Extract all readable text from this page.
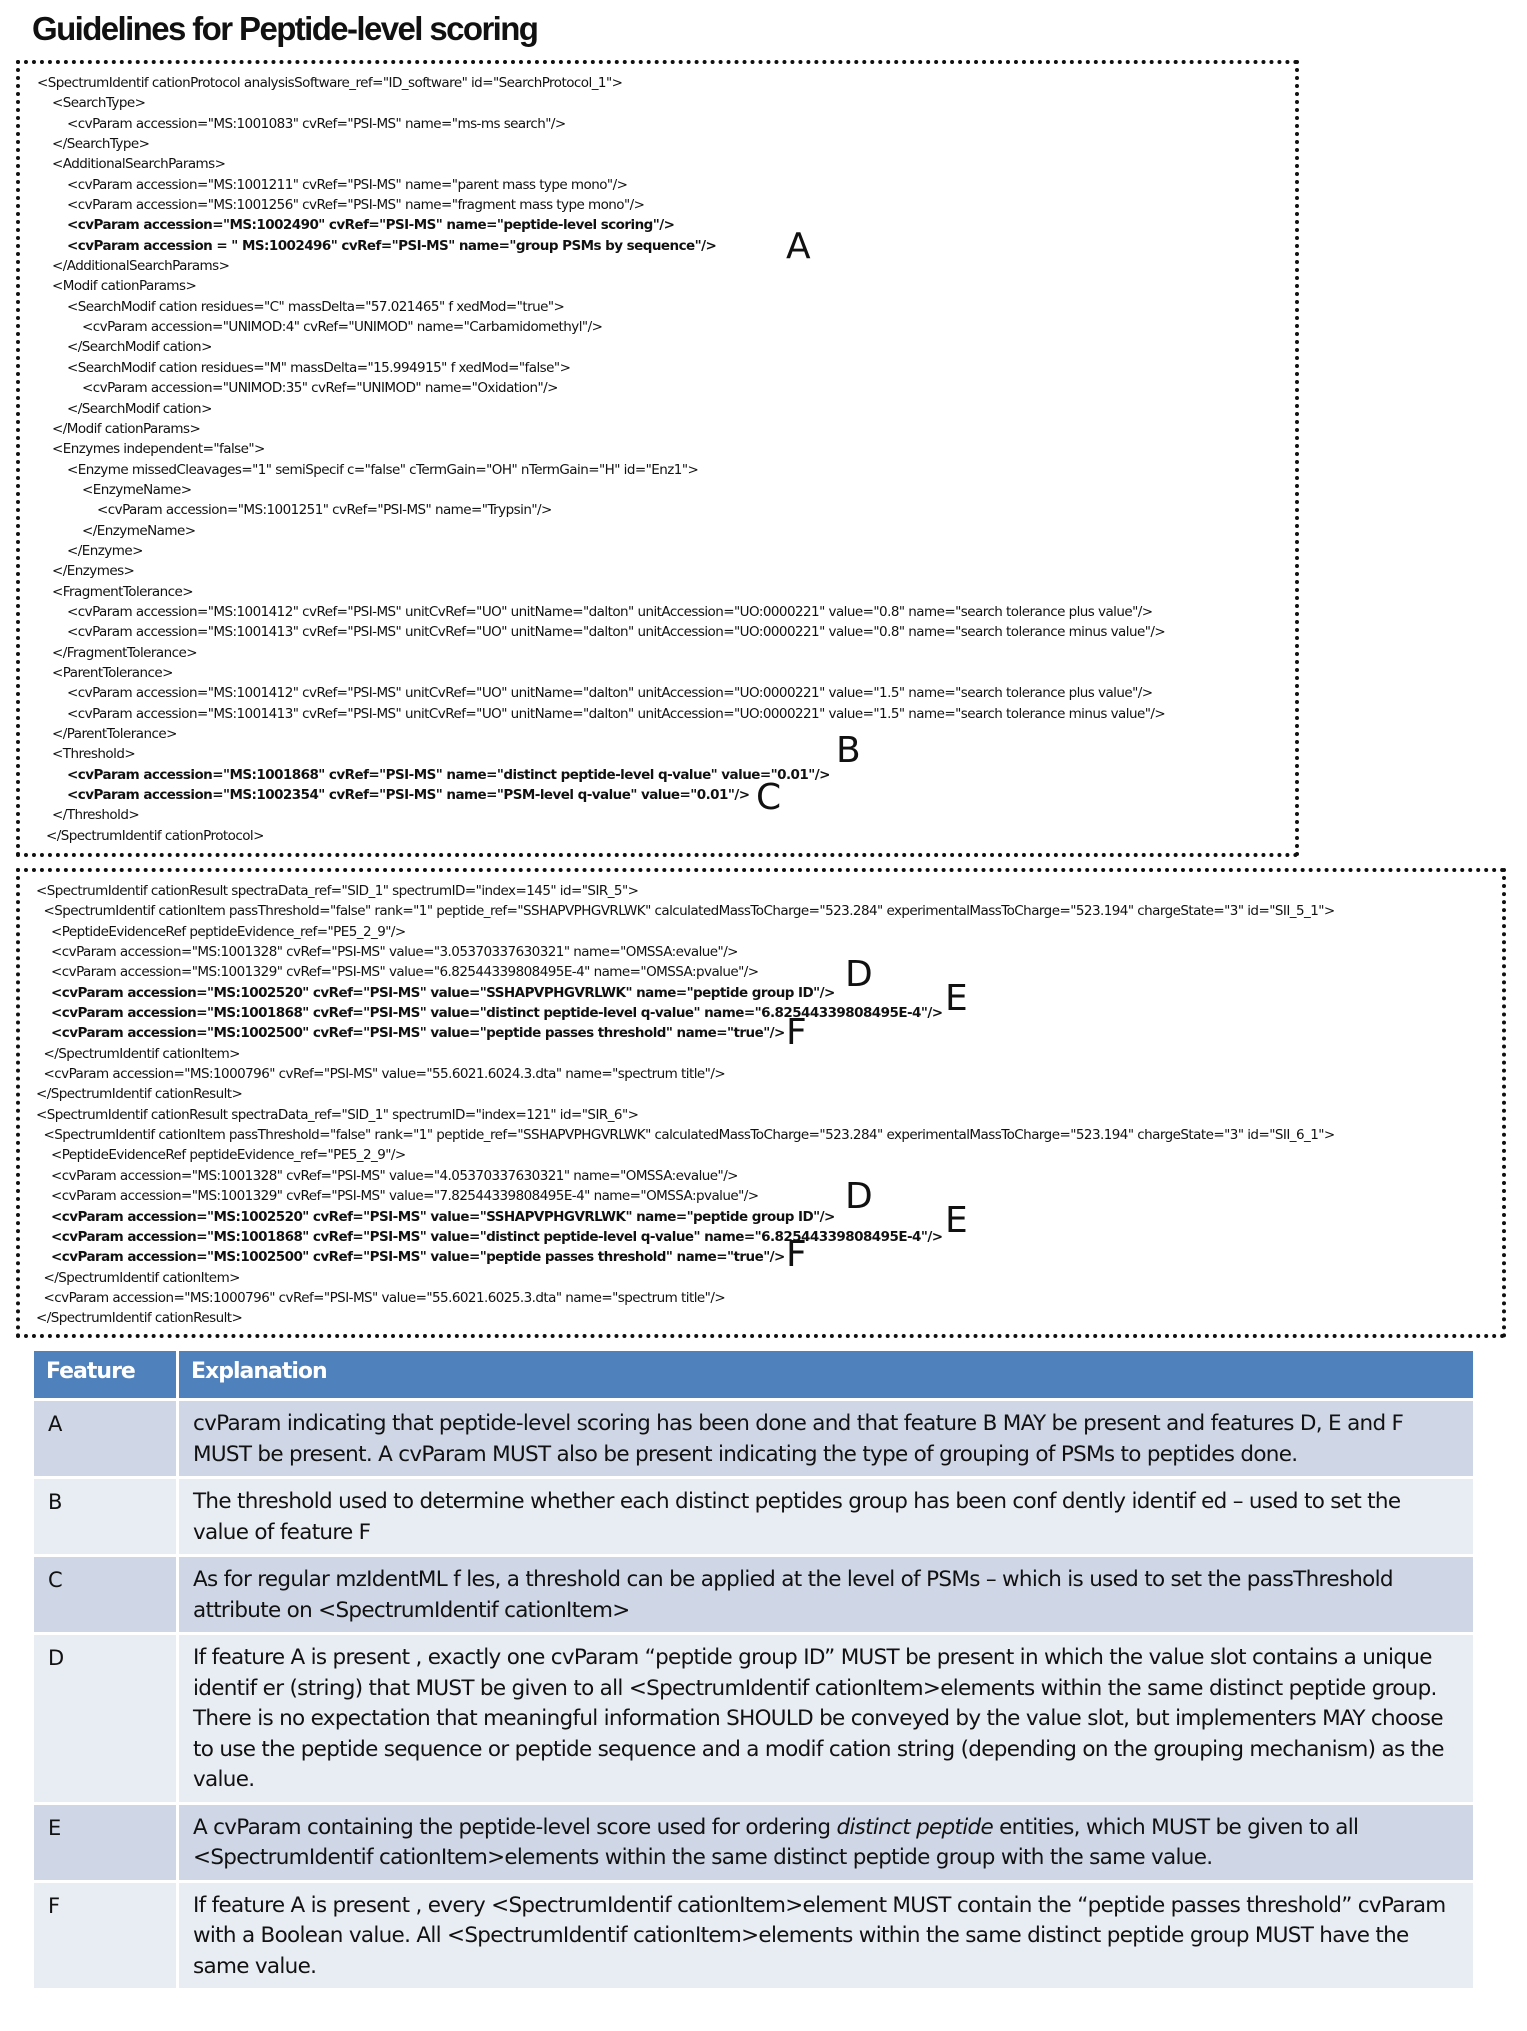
Guidelines for Peptide-level scoring
<SpectrumIdentif cationProtocol analysisSoftware_ref="ID_software" id="SearchProtocol_1">
<SearchType>
<cvParam accession="MS:1001083" cvRef="PSI-MS" name="ms-ms search"/>
</SearchType>
<AdditionalSearchParams>
<cvParam accession="MS:1001211" cvRef="PSI-MS" name="parent mass type mono"/>
<cvParam accession="MS:1001256" cvRef="PSI-MS" name="fragment mass type mono"/>
<cvParam accession="MS:1002490" cvRef="PSI-MS" name="peptide-level scoring"/>
<cvParam accession = " MS:1002496" cvRef="PSI-MS" name="group PSMs by sequence"/>
</AdditionalSearchParams>
<Modif cationParams>
<SearchModif cation residues="C" massDelta="57.021465" f xedMod="true">
<cvParam accession="UNIMOD:4" cvRef="UNIMOD" name="Carbamidomethyl"/>
</SearchModif cation>
<SearchModif cation residues="M" massDelta="15.994915" f xedMod="false">
<cvParam accession="UNIMOD:35" cvRef="UNIMOD" name="Oxidation"/>
</SearchModif cation>
</Modif cationParams>
<Enzymes independent="false">
<Enzyme missedCleavages="1" semiSpecif c="false" cTermGain="OH" nTermGain="H" id="Enz1">
<EnzymeName>
<cvParam accession="MS:1001251" cvRef="PSI-MS" name="Trypsin"/>
</EnzymeName>
</Enzyme>
</Enzymes>
<FragmentTolerance>
<cvParam accession="MS:1001412" cvRef="PSI-MS" unitCvRef="UO" unitName="dalton" unitAccession="UO:0000221" value="0.8" name="search tolerance plus value"/>
<cvParam accession="MS:1001413" cvRef="PSI-MS" unitCvRef="UO" unitName="dalton" unitAccession="UO:0000221" value="0.8" name="search tolerance minus value"/>
</FragmentTolerance>
<ParentTolerance>
<cvParam accession="MS:1001412" cvRef="PSI-MS" unitCvRef="UO" unitName="dalton" unitAccession="UO:0000221" value="1.5" name="search tolerance plus value"/>
<cvParam accession="MS:1001413" cvRef="PSI-MS" unitCvRef="UO" unitName="dalton" unitAccession="UO:0000221" value="1.5" name="search tolerance minus value"/>
</ParentTolerance>
<Threshold>
<cvParam accession="MS:1001868" cvRef="PSI-MS" name="distinct peptide-level q-value" value="0.01"/>
<cvParam accession="MS:1002354" cvRef="PSI-MS" name="PSM-level q-value" value="0.01"/>
</Threshold>
</SpectrumIdentif cationProtocol>
A
B
C
<SpectrumIdentif cationResult spectraData_ref="SID_1" spectrumID="index=145" id="SIR_5">
<SpectrumIdentif cationItem passThreshold="false" rank="1" peptide_ref="SSHAPVPHGVRLWK" calculatedMassToCharge="523.284" experimentalMassToCharge="523.194" chargeState="3" id="SII_5_1">
<PeptideEvidenceRef peptideEvidence_ref="PE5_2_9"/>
<cvParam accession="MS:1001328" cvRef="PSI-MS" value="3.05370337630321" name="OMSSA:evalue"/>
<cvParam accession="MS:1001329" cvRef="PSI-MS" value="6.82544339808495E-4" name="OMSSA:pvalue"/>
<cvParam accession="MS:1002520" cvRef="PSI-MS" value="SSHAPVPHGVRLWK" name="peptide group ID"/>
<cvParam accession="MS:1001868" cvRef="PSI-MS" value="distinct peptide-level q-value" name="6.82544339808495E-4"/>
<cvParam accession="MS:1002500" cvRef="PSI-MS" value="peptide passes threshold" name="true"/>
</SpectrumIdentif cationItem>
<cvParam accession="MS:1000796" cvRef="PSI-MS" value="55.6021.6024.3.dta" name="spectrum title"/>
</SpectrumIdentif cationResult>
<SpectrumIdentif cationResult spectraData_ref="SID_1" spectrumID="index=121" id="SIR_6">
<SpectrumIdentif cationItem passThreshold="false" rank="1" peptide_ref="SSHAPVPHGVRLWK" calculatedMassToCharge="523.284" experimentalMassToCharge="523.194" chargeState="3" id="SII_6_1">
<PeptideEvidenceRef peptideEvidence_ref="PE5_2_9"/>
<cvParam accession="MS:1001328" cvRef="PSI-MS" value="4.05370337630321" name="OMSSA:evalue"/>
<cvParam accession="MS:1001329" cvRef="PSI-MS" value="7.82544339808495E-4" name="OMSSA:pvalue"/>
<cvParam accession="MS:1002520" cvRef="PSI-MS" value="SSHAPVPHGVRLWK" name="peptide group ID"/>
<cvParam accession="MS:1001868" cvRef="PSI-MS" value="distinct peptide-level q-value" name="6.82544339808495E-4"/>
<cvParam accession="MS:1002500" cvRef="PSI-MS" value="peptide passes threshold" name="true"/>
</SpectrumIdentif cationItem>
<cvParam accession="MS:1000796" cvRef="PSI-MS" value="55.6021.6025.3.dta" name="spectrum title"/>
</SpectrumIdentif cationResult>
D
E
F
D
E
F
Feature	Explanation
A	cvParam indicating that peptide-level scoring has been done and that feature B MAY be present and features D, E and F MUST be present. A cvParam MUST also be present indicating the type of grouping of PSMs to peptides done.
B	The threshold used to determine whether each distinct peptides group has been conf dently identif ed – used to set the value of feature F
C	As for regular mzIdentML f les, a threshold can be applied at the level of PSMs – which is used to set the passThreshold attribute on <SpectrumIdentif cationItem>
D	If feature A is present , exactly one cvParam “peptide group ID” MUST be present in which the value slot contains a unique identif er (string) that MUST be given to all <SpectrumIdentif cationItem>elements within the same distinct peptide group. There is no expectation that meaningful information SHOULD be conveyed by the value slot, but implementers MAY choose to use the peptide sequence or peptide sequence and a modif cation string (depending on the grouping mechanism) as the value.
E	A cvParam containing the peptide-level score used for ordering distinct peptide entities, which MUST be given to all <SpectrumIdentif cationItem>elements within the same distinct peptide group with the same value.
F	If feature A is present , every <SpectrumIdentif cationItem>element MUST contain the “peptide passes threshold” cvParam with a Boolean value. All <SpectrumIdentif cationItem>elements within the same distinct peptide group MUST have the same value.
